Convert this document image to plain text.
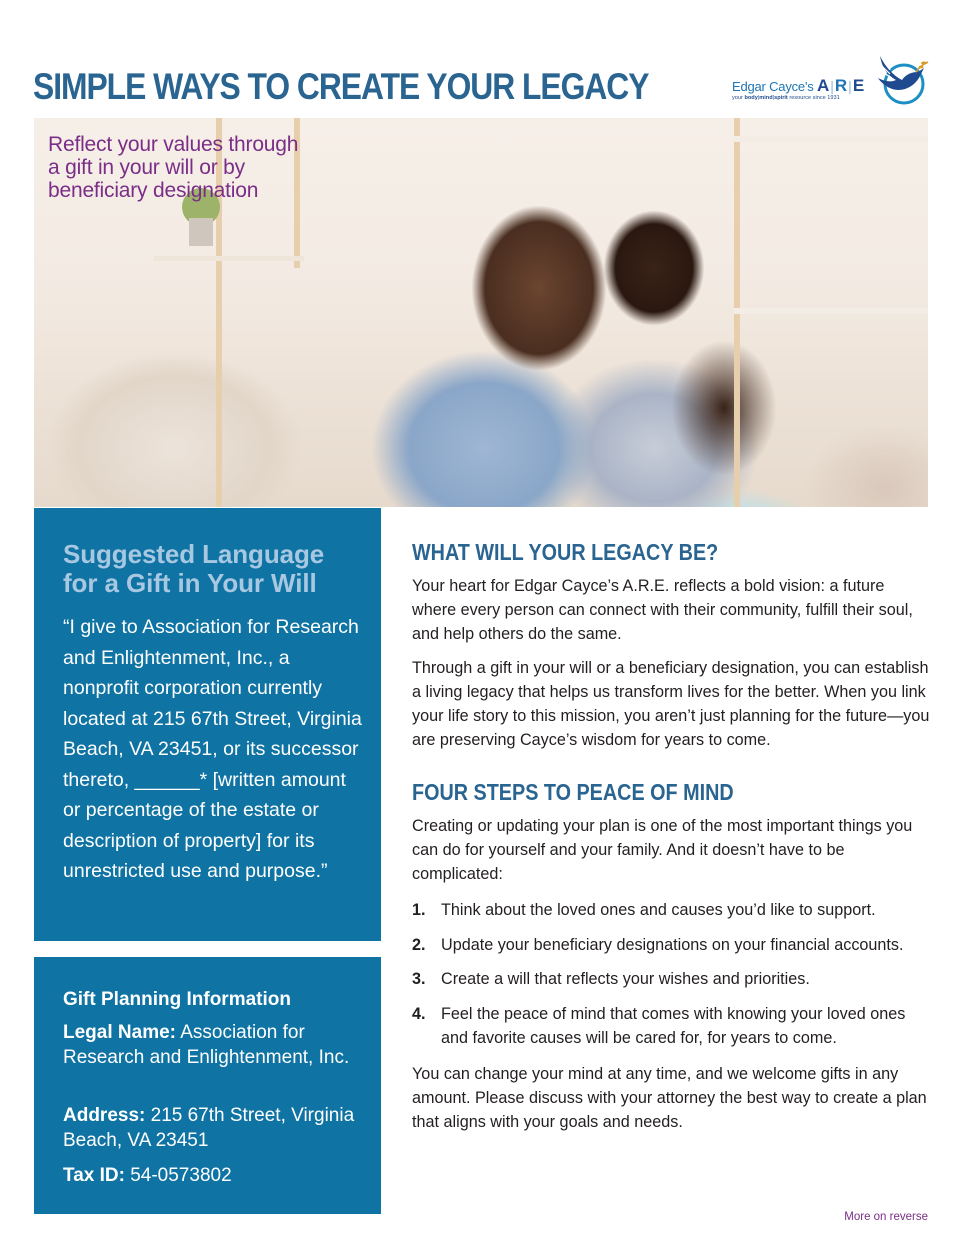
SIMPLE WAYS TO CREATE YOUR LEGACY	Edgar Cayce's A|R|E
your body|mind|spirit resource since 1931

Reflect your values through
a gift in your will or by
beneficiary designation

Suggested Language
for a Gift in Your Will

“I give to Association for Research and Enlightenment, Inc., a nonprofit corporation currently located at 215 67th Street, Virginia Beach, VA 23451, or its successor thereto, ______* [written amount or percentage of the estate or description of property] for its unrestricted use and purpose.”

Gift Planning Information

Legal Name: Association for Research and Enlightenment, Inc.

Address: 215 67th Street, Virginia Beach, VA 23451

Tax ID: 54-0573802

WHAT WILL YOUR LEGACY BE?

Your heart for Edgar Cayce’s A.R.E. reflects a bold vision: a future where every person can connect with their community, fulfill their soul, and help others do the same.

Through a gift in your will or a beneficiary designation, you can establish a living legacy that helps us transform lives for the better. When you link your life story to this mission, you aren’t just planning for the future—you are preserving Cayce’s wisdom for years to come.

FOUR STEPS TO PEACE OF MIND

Creating or updating your plan is one of the most important things you can do for yourself and your family. And it doesn’t have to be complicated:

1. Think about the loved ones and causes you’d like to support.
2. Update your beneficiary designations on your financial accounts.
3. Create a will that reflects your wishes and priorities.
4. Feel the peace of mind that comes with knowing your loved ones and favorite causes will be cared for, for years to come.

You can change your mind at any time, and we welcome gifts in any amount. Please discuss with your attorney the best way to create a plan that aligns with your goals and needs.

More on reverse
